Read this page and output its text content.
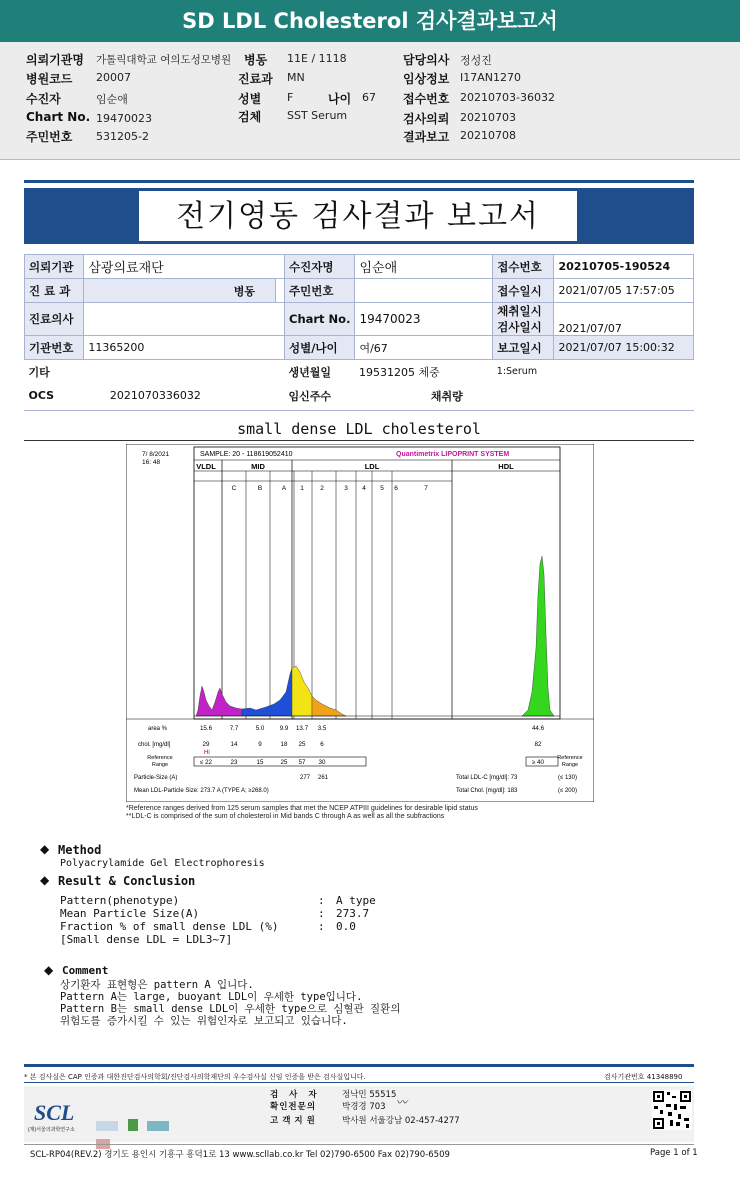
SD LDL Cholesterol 검사결과보고서
의뢰기관명 가톨릭대학교 여의도성모병원 병동 11E / 1118	담당의사 정성진
병원코드 20007	진료과 MN	임상정보 I17AN1270
수진자	임순애	성별 F	나이 67 접수번호 20210703-36032
Chart No. 19470023	검체 SST Serum	검사의뢰 20210703
주민번호 531205-2	결과보고 20210708
전기영동 검사결과 보고서
의뢰기관	삼광의료재단		수진자명	임순애	접수번호	20210705-190524
진 료 과	병동		주민번호		접수일시	2021/07/05 17:57:05
진료의사			Chart No.	19470023	채취일시
검사일시	2021/07/07
기관번호	11365200		성별/나이	여/67	보고일시	2021/07/07 15:00:32
기타			생년월일	19531205 체중	1:Serum	
OCS	2021070336032		임신주수	채취량		
small dense LDL cholesterol
7/ 8/2021
16: 48
SAMPLE: 20 - 118619052410	Quantimetrix LIPOPRINT SYSTEM
VLDL	MID	LDL	HDL
C	B	A 1	2	3 4 5 6	7
area %	15.6	7.7	5.0 9.9 13.7 3.5	44.6
chol. [mg/dl]	29	14	9	18 25 6	82
Hi
Reference
Range	≤ 22	23	15	25 57 30	≥ 40
Reference
Range
Particle-Size (A)	277 261
Mean LDL-Particle Size: 273.7 A (TYPE A; ≥268.0)
Total LDL-C [mg/dl]: 73	(≤ 130)
Total Chol. [mg/dl]: 183	(≤ 200)
*Reference ranges derived from 125 serum samples that met the NCEP ATPIII guidelines for desirable lipid status
**LDL-C is comprised of the sum of cholesterol in Mid bands C through A as well as all the subfractions
◆ Method
Polyacrylamide Gel Electrophoresis
◆ Result & Conclusion
Pattern(phenotype)	: A type
Mean Particle Size(A)	: 273.7
Fraction % of small dense LDL (%)	: 0.0
[Small dense LDL = LDL3~7]
◆ Comment
상기환자 표현형은 pattern A 입니다.
Pattern A는 large, buoyant LDL이 우세한 type입니다.
Pattern B는 small dense LDL이 우세한 type으로 심혈관 질환의
위험도를 증가시킬 수 있는 위험인자로 보고되고 있습니다.
* 본 검사실은 CAP 인증과 대한진단검사의학회/진단검사의학재단의 우수검사실 신임 인증을 받은 검사실입니다.	검사기관번호 41348890
SCL
(재)서울의과학연구소

검 사 자	정낙민 55515
확인전문의	박경경 703 〰
고객지원	박사원 서울강남 02-457-4277
SCL-RP04(REV.2) 경기도 용인시 기흥구 흥덕1로 13 www.scllab.co.kr Tel 02)790-6500 Fax 02)790-6509	Page 1 of 1
